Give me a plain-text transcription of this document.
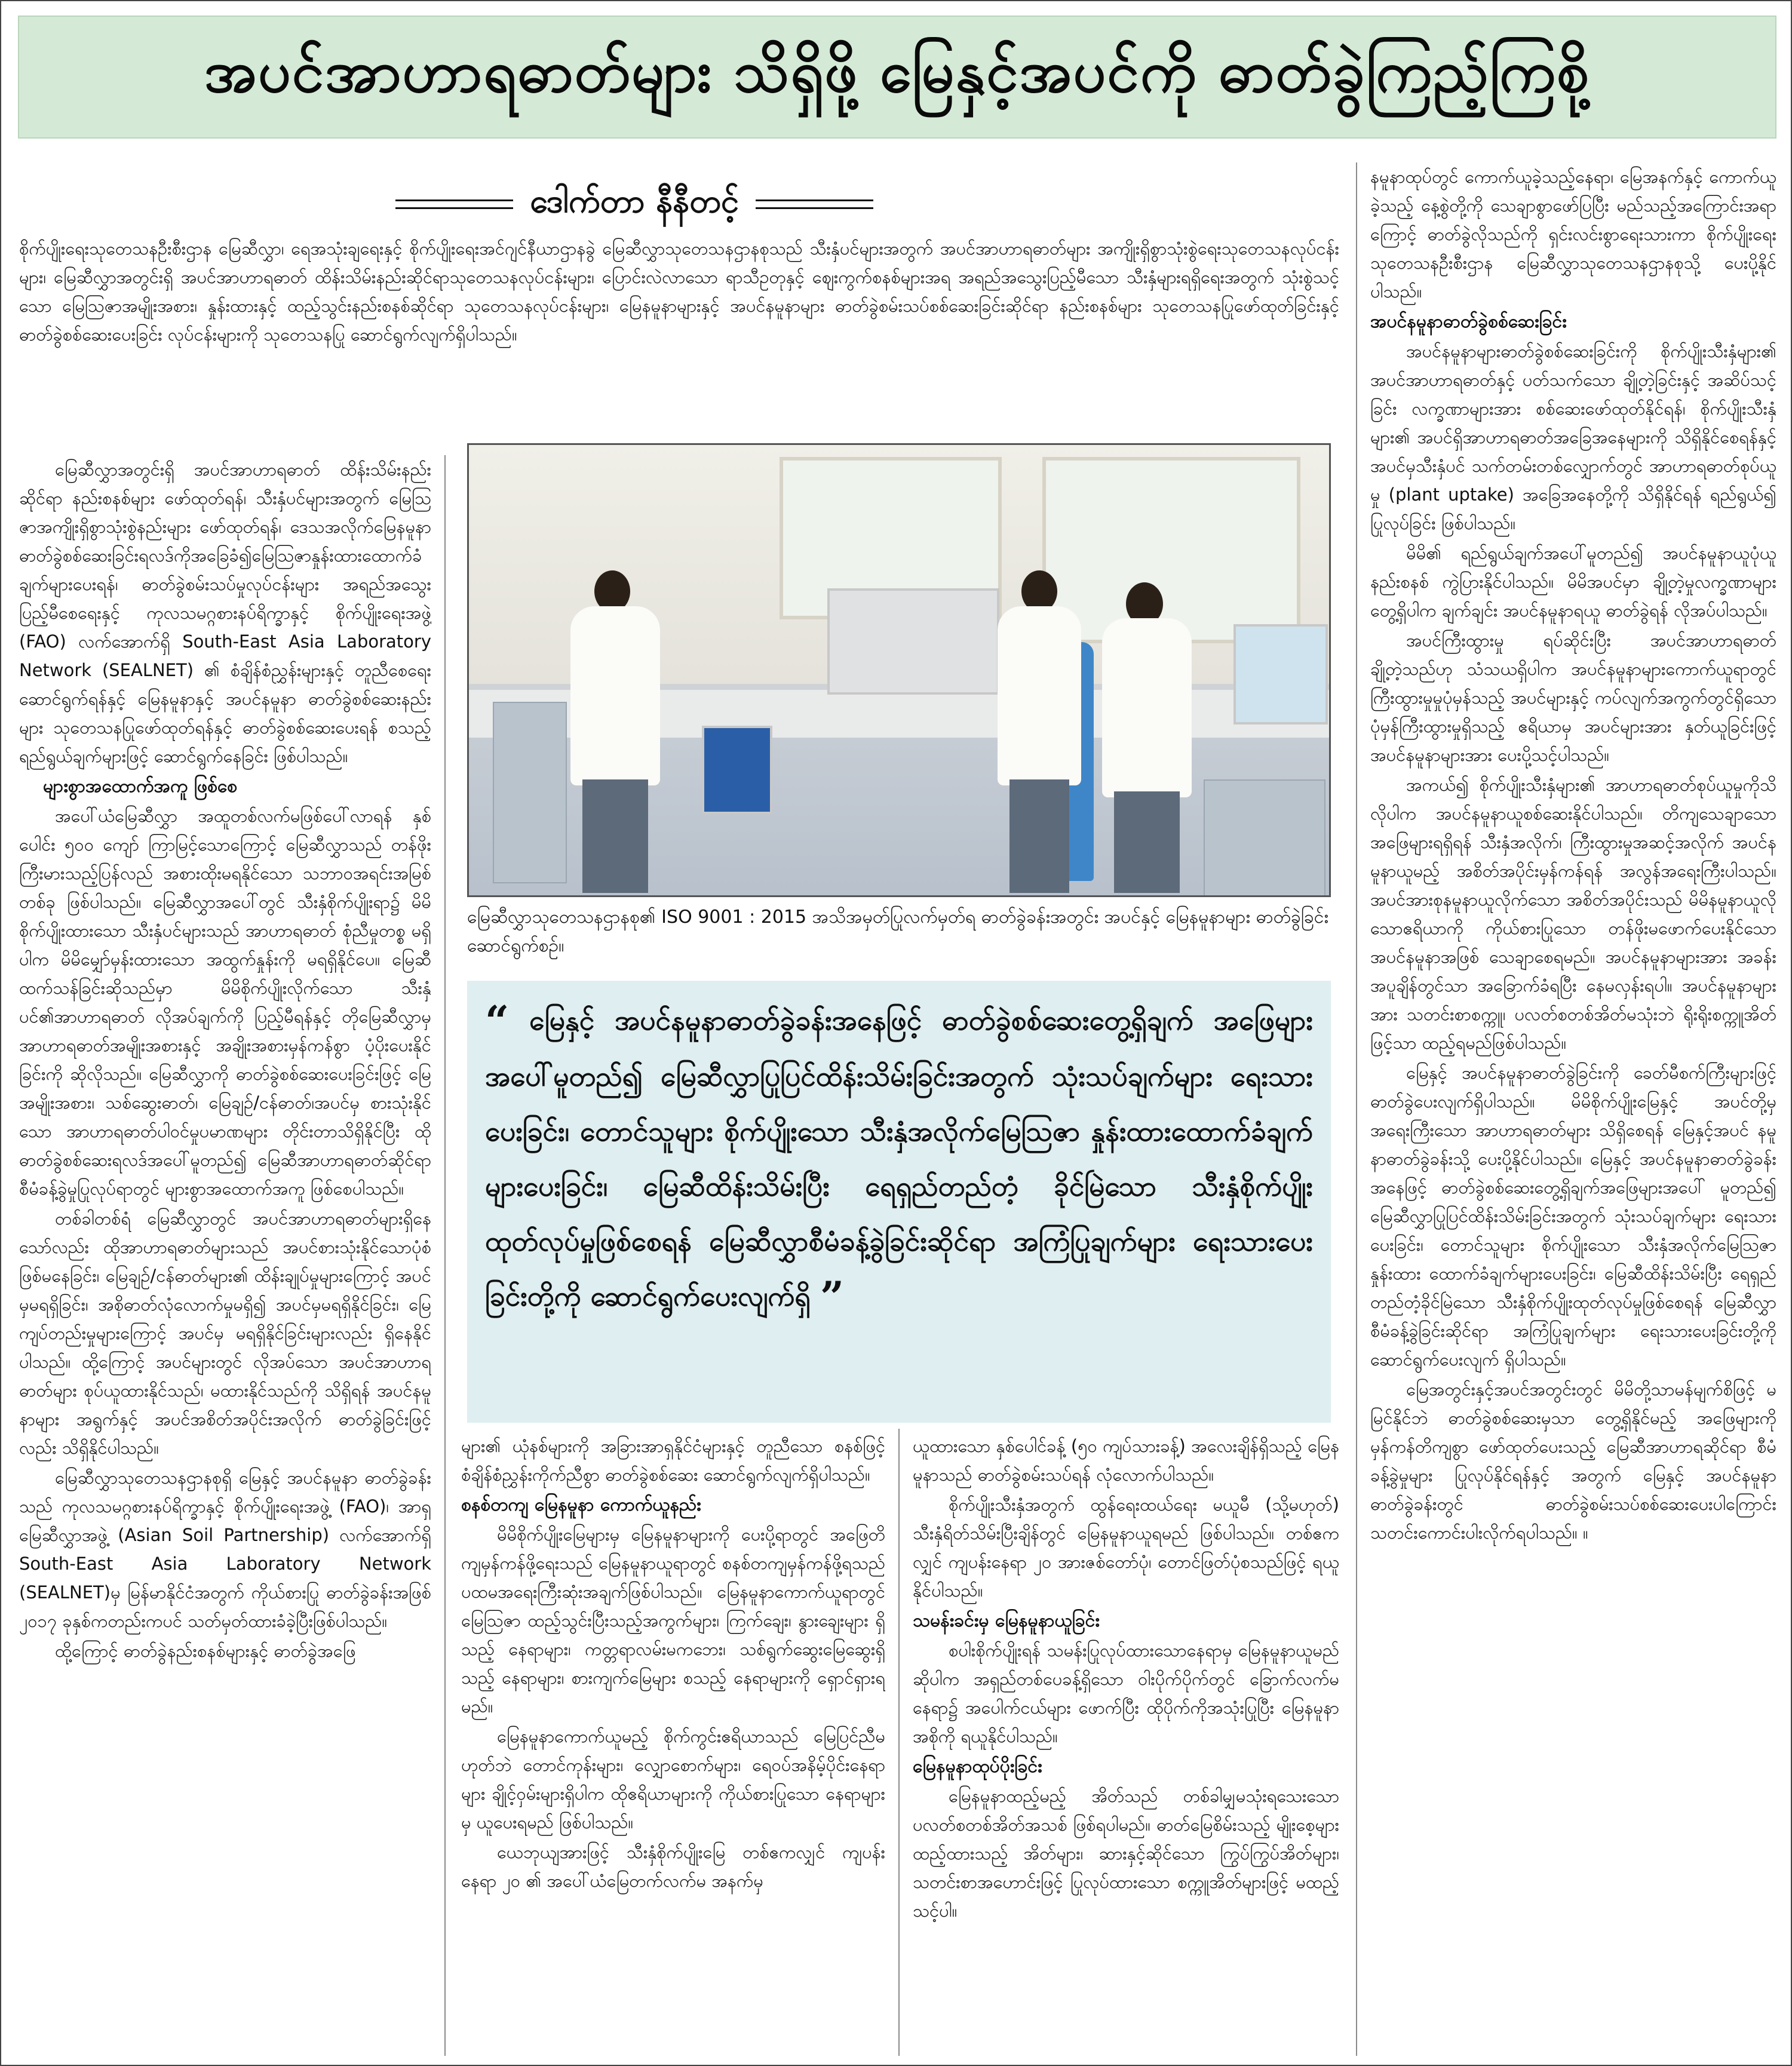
အပင်အာဟာရဓာတ်များ သိရှိဖို့ မြေနှင့်အပင်ကို ဓာတ်ခွဲကြည့်ကြစို့
ဒေါက်တာ နီနီတင့်

စိုက်ပျိုးရေးသုတေသနဦးစီးဌာန မြေဆီလွှာ၊ ရေအသုံးချရေးနှင့် စိုက်ပျိုးရေးအင်ဂျင်နီယာဌာနခွဲ မြေဆီလွှာသုတေသနဌာနစုသည် သီးနှံပင်များအတွက် အပင်အာဟာရဓာတ်များ အကျိုးရှိစွာသုံးစွဲရေးသုတေသနလုပ်ငန်းများ၊ မြေဆီလွှာအတွင်းရှိ အပင်အာဟာရဓာတ် ထိန်းသိမ်းနည်းဆိုင်ရာသုတေသနလုပ်ငန်းများ၊ ပြောင်းလဲလာသော ရာသီဥတုနှင့် ဈေးကွက်စနစ်များအရ အရည်အသွေးပြည့်မီသော သီးနှံများရရှိရေးအတွက် သုံးစွဲသင့်သော မြေသြဇာအမျိုးအစား၊ နှုန်းထားနှင့် ထည့်သွင်းနည်းစနစ်ဆိုင်ရာ သုတေသနလုပ်ငန်းများ၊ မြေနမူနာများနှင့် အပင်နမူနာများ ဓာတ်ခွဲစမ်းသပ်စစ်ဆေးခြင်းဆိုင်ရာ နည်းစနစ်များ သုတေသနပြုဖော်ထုတ်ခြင်းနှင့် ဓာတ်ခွဲစစ်ဆေးပေးခြင်း လုပ်ငန်းများကို သုတေသနပြု ဆောင်ရွက်လျက်ရှိပါသည်။

မြေဆီလွှာအတွင်းရှိ အပင်အာဟာရဓာတ် ထိန်းသိမ်းနည်းဆိုင်ရာ နည်းစနစ်များ ဖော်ထုတ်ရန်၊ သီးနှံပင်များအတွက် မြေသြဇာအကျိုးရှိစွာသုံးစွဲနည်းများ ဖော်ထုတ်ရန်၊ ဒေသအလိုက်မြေနမူနာဓာတ်ခွဲစစ်ဆေးခြင်းရလဒ်ကိုအခြေခံ၍မြေသြဇာနှုန်းထားထောက်ခံချက်များပေးရန်၊ ဓာတ်ခွဲစမ်းသပ်မှုလုပ်ငန်းများ အရည်အသွေးပြည့်မီစေရေးနှင့် ကုလသမဂ္ဂစားနပ်ရိက္ခာနှင့် စိုက်ပျိုးရေးအဖွဲ့ (FAO) လက်အောက်ရှိ South-East Asia Laboratory Network (SEALNET) ၏ စံချိန်စံညွှန်းများနှင့် တူညီစေရေး ဆောင်ရွက်ရန်နှင့် မြေနမူနာနှင့် အပင်နမူနာ ဓာတ်ခွဲစစ်ဆေးနည်းများ သုတေသနပြုဖော်ထုတ်ရန်နှင့် ဓာတ်ခွဲစစ်ဆေးပေးရန် စသည့်ရည်ရွယ်ချက်များဖြင့် ဆောင်ရွက်နေခြင်း ဖြစ်ပါသည်။

များစွာအထောက်အကူ ဖြစ်စေ

အပေါ်ယံမြေဆီလွှာ အထူတစ်လက်မဖြစ်ပေါ်လာရန် နှစ်ပေါင်း ၅၀၀ ကျော် ကြာမြင့်သောကြောင့် မြေဆီလွှာသည် တန်ဖိုးကြီးမားသည့်ပြန်လည် အစားထိုးမရနိုင်သော သဘာဝအရင်းအမြစ်တစ်ခု ဖြစ်ပါသည်။ မြေဆီလွှာအပေါ်တွင် သီးနှံစိုက်ပျိုးရာ၌ မိမိစိုက်ပျိုးထားသော သီးနှံပင်များသည် အာဟာရဓာတ် စုံညီမှုတစ္စ မရှိပါက မိမိမျှော်မှန်းထားသော အထွက်နှုန်းကို မရရှိနိုင်ပေ။ မြေဆီထက်သန်ခြင်းဆိုသည်မှာ မိမိစိုက်ပျိုးလိုက်သော သီးနှံပင်၏အာဟာရဓာတ် လိုအပ်ချက်ကို ပြည့်မီရန်နှင့် တိုမြေဆီလွှာမှ အာဟာရဓာတ်အမျိုးအစားနှင့် အချိုးအစားမှန်ကန်စွာ ပံ့ပိုးပေးနိုင်ခြင်းကို ဆိုလိုသည်။ မြေဆီလွှာကို ဓာတ်ခွဲစစ်ဆေးပေးခြင်းဖြင့် မြေအမျိုးအစား၊ သစ်ဆွေးဓာတ်၊ မြေချဉ်/ငန်ဓာတ်၊အပင်မှ စားသုံးနိုင်သော အာဟာရဓာတ်ပါဝင်မှုပမာဏများ တိုင်းတာသိရှိနိုင်ပြီး ထိုဓာတ်ခွဲစစ်ဆေးရလဒ်အပေါ်မူတည်၍ မြေဆီအာဟာရဓာတ်ဆိုင်ရာ စီမံခန့်ခွဲမှုပြုလုပ်ရာတွင် များစွာအထောက်အကူ ဖြစ်စေပါသည်။

တစ်ခါတစ်ရံ မြေဆီလွှာတွင် အပင်အာဟာရဓာတ်များရှိနေသော်လည်း ထိုအာဟာရဓာတ်များသည် အပင်စားသုံးနိုင်သောပုံစံ ဖြစ်မနေခြင်း၊ မြေချဉ်/ငန်ဓာတ်များ၏ ထိန်းချုပ်မှုများကြောင့် အပင်မှမရရှိခြင်း၊ အစိုဓာတ်လုံလောက်မှုမရှိ၍ အပင်မှမရရှိနိုင်ခြင်း၊ မြေကျပ်တည်းမှုများကြောင့် အပင်မှ မရရှိနိုင်ခြင်းများလည်း ရှိနေနိုင်ပါသည်။ ထို့ကြောင့် အပင်များတွင် လိုအပ်သော အပင်အာဟာရဓာတ်များ စုပ်ယူထားနိုင်သည်၊ မထားနိုင်သည်ကို သိရှိရန် အပင်နမူနာများ အရွက်နှင့် အပင်အစိတ်အပိုင်းအလိုက် ဓာတ်ခွဲခြင်းဖြင့်လည်း သိရှိနိုင်ပါသည်။

မြေဆီလွှာသုတေသနဌာနစုရှိ မြေနှင့် အပင်နမူနာ ဓာတ်ခွဲခန်းသည် ကုလသမဂ္ဂစားနပ်ရိက္ခာနှင့် စိုက်ပျိုးရေးအဖွဲ့ (FAO)၊ အာရှမြေဆီလွှာအဖွဲ့ (Asian Soil Partnership) လက်အောက်ရှိ South-East Asia Laboratory Network (SEALNET)မှ မြန်မာနိုင်ငံအတွက် ကိုယ်စားပြု ဓာတ်ခွဲခန်းအဖြစ် ၂၀၁၇ ခုနှစ်ကတည်းကပင် သတ်မှတ်ထားခံခဲ့ပြီးဖြစ်ပါသည်။

ထို့ကြောင့် ဓာတ်ခွဲနည်းစနစ်များနှင့် ဓာတ်ခွဲအဖြေ

မြေဆီလွှာသုတေသနဌာနစု၏ ISO 9001 : 2015 အသိအမှတ်ပြုလက်မှတ်ရ ဓာတ်ခွဲခန်းအတွင်း အပင်နှင့် မြေနမူနာများ ဓာတ်ခွဲခြင်း ဆောင်ရွက်စဉ်။
“ မြေနှင့် အပင်နမူနာဓာတ်ခွဲခန်းအနေဖြင့် ဓာတ်ခွဲစစ်ဆေးတွေ့ရှိချက် အဖြေများအပေါ်မူတည်၍ မြေဆီလွှာပြုပြင်ထိန်းသိမ်းခြင်းအတွက် သုံးသပ်ချက်များ ရေးသားပေးခြင်း၊ တောင်သူများ စိုက်ပျိုးသော သီးနှံအလိုက်မြေသြဇာ နှုန်းထားထောက်ခံချက်များပေးခြင်း၊ မြေဆီထိန်းသိမ်းပြီး ရေရှည်တည်တံ့ ခိုင်မြဲသော သီးနှံစိုက်ပျိုးထုတ်လုပ်မှုဖြစ်စေရန် မြေဆီလွှာစီမံခန့်ခွဲခြင်းဆိုင်ရာ အကြံပြုချက်များ ရေးသားပေးခြင်းတို့ကို ဆောင်ရွက်ပေးလျက်ရှိ ”

များ၏ ယုံနစ်များကို အခြားအာရှနိုင်ငံများနှင့် တူညီသော စနစ်ဖြင့် စံချိန်စံညွှန်းကိုက်ညီစွာ ဓာတ်ခွဲစစ်ဆေး ဆောင်ရွက်လျက်ရှိပါသည်။

စနစ်တကျ မြေနမူနာ ကောက်ယူနည်း

မိမိစိုက်ပျိုးမြေများမှ မြေနမူနာများကို ပေးပို့ရာတွင် အဖြေတိကျမှန်ကန်ဖို့ရေးသည် မြေနမူနာယူရာတွင် စနစ်တကျမှန်ကန်ဖို့ရသည် ပထမအရေးကြီးဆုံးအချက်ဖြစ်ပါသည်။ မြေနမူနာကောက်ယူရာတွင် မြေသြဇာ ထည့်သွင်းပြီးသည့်အကွက်များ၊ ကြက်ချေး၊ နွားချေးများ ရှိသည့် နေရာများ၊ ကတ္တရာလမ်းမကဘေး၊ သစ်ရွက်ဆွေးမြေဆွေးရှိသည့် နေရာများ၊ စားကျက်မြေများ စသည့် နေရာများကို ရှောင်ရှားရမည်။

မြေနမူနာကောက်ယူမည့် စိုက်ကွင်းဧရိယာသည် မြေပြင်ညီမဟုတ်ဘဲ တောင်ကုန်းများ၊ လျှောစောက်များ၊ ရေဝပ်အနိမ့်ပိုင်းနေရာများ ချိုင့်ဝှမ်းများရှိပါက ထိုဧရိယာများကို ကိုယ်စားပြုသော နေရာများမှ ယူပေးရမည် ဖြစ်ပါသည်။

ယေဘုယျအားဖြင့် သီးနှံစိုက်ပျိုးမြေ တစ်ဧကလျှင် ကျပန်းနေရာ ၂၀ ၏ အပေါ်ယံမြေတက်လက်မ အနက်မှ

ယူထားသော နှစ်ပေါင်ခန့် (၅၀ ကျပ်သားခန့်) အလေးချိန်ရှိသည့် မြေနမူနာသည် ဓာတ်ခွဲစမ်းသပ်ရန် လုံလောက်ပါသည်။

စိုက်ပျိုးသီးနှံအတွက် ထွန်ရေးထယ်ရေး မယူမီ (သို့မဟုတ်) သီးနှံရိတ်သိမ်းပြီးချိန်တွင် မြေနမူနာယူရမည် ဖြစ်ပါသည်။ တစ်ဧကလျှင် ကျပန်းနေရာ ၂၀ အားဇစ်တော်ပုံ၊ တောင်ဖြတ်ပုံစသည်ဖြင့် ရယူနိုင်ပါသည်။

သမန်းခင်းမှ မြေနမူနာယူခြင်း

စပါးစိုက်ပျိုးရန် သမန်းပြုလုပ်ထားသောနေရာမှ မြေနမူနာယူမည်ဆိုပါက အရှည်တစ်ပေခန့်ရှိသော ဝါးပိုက်ပိုက်တွင် ခြောက်လက်မနေရာ၌ အပေါက်ငယ်များ ဖောက်ပြီး ထိုပိုက်ကိုအသုံးပြုပြီး မြေနမူနာအစိုကို ရယူနိုင်ပါသည်။

မြေနမူနာထုပ်ပိုးခြင်း

မြေနမူနာထည့်မည့် အိတ်သည် တစ်ခါမျှမသုံးရသေးသော ပလတ်စတစ်အိတ်အသစ် ဖြစ်ရပါမည်။ ဓာတ်မြေစိမ်းသည့် မျိုးစေ့များထည့်ထားသည့် အိတ်များ၊ ဆားနှင့်ဆိုင်သော ကြွပ်ကြွပ်အိတ်များ၊ သတင်းစာအဟောင်းဖြင့် ပြုလုပ်ထားသော စက္ကူအိတ်များဖြင့် မထည့်သင့်ပါ။

နမူနာထုပ်တွင် ကောက်ယူခဲ့သည့်နေရာ၊ မြေအနက်နှင့် ကောက်ယူခဲ့သည့် နေ့စွဲတို့ကို သေချာစွာဖော်ပြပြီး မည်သည့်အကြောင်းအရာကြောင့် ဓာတ်ခွဲလိုသည်ကို ရှင်းလင်းစွာရေးသားကာ စိုက်ပျိုးရေးသုတေသနဦးစီးဌာန မြေဆီလွှာသုတေသနဌာနစုသို့ ပေးပို့နိုင်ပါသည်။

အပင်နမူနာဓာတ်ခွဲစစ်ဆေးခြင်း

အပင်နမူနာများဓာတ်ခွဲစစ်ဆေးခြင်းကို စိုက်ပျိုးသီးနှံများ၏ အပင်အာဟာရဓာတ်နှင့် ပတ်သက်သော ချို့တဲ့ခြင်းနှင့် အဆိပ်သင့်ခြင်း လက္ခဏာများအား စစ်ဆေးဖော်ထုတ်နိုင်ရန်၊ စိုက်ပျိုးသီးနှံများ၏ အပင်ရှိအာဟာရဓာတ်အခြေအနေများကို သိရှိနိုင်စေရန်နှင့်အပင်မှသီးနှံပင် သက်တမ်းတစ်လျှောက်တွင် အာဟာရဓာတ်စုပ်ယူမှု (plant uptake) အခြေအနေတို့ကို သိရှိနိုင်ရန် ရည်ရွယ်၍ ပြုလုပ်ခြင်း ဖြစ်ပါသည်။

မိမိ၏ ရည်ရွယ်ချက်အပေါ်မူတည်၍ အပင်နမူနာယူပုံယူနည်းစနစ် ကွဲပြားနိုင်ပါသည်။ မိမိအပင်မှာ ချို့တဲ့မှုလက္ခဏာများ တွေ့ရှိပါက ချက်ချင်း အပင်နမူနာရယူ ဓာတ်ခွဲရန် လိုအပ်ပါသည်။

အပင်ကြီးထွားမှု ရပ်ဆိုင်းပြီး အပင်အာဟာရဓာတ် ချို့တဲ့သည်ဟု သံသယရှိပါက အပင်နမူနာများကောက်ယူရာတွင်ကြီးထွားမှုမှုပုံမှန်သည့် အပင်များနှင့် ကပ်လျက်အကွက်တွင်ရှိသော ပုံမှန်ကြီးထွားမှုရှိသည့် ဧရိယာမှ အပင်များအား နှတ်ယူခြင်းဖြင့် အပင်နမူနာများအား ပေးပို့သင့်ပါသည်။

အကယ်၍ စိုက်ပျိုးသီးနှံများ၏ အာဟာရဓာတ်စုပ်ယူမှုကိုသိလိုပါက အပင်နမူနာယူစစ်ဆေးနိုင်ပါသည်။ တိကျသေချာသော အဖြေများရရှိရန် သီးနှံအလိုက်၊ ကြီးထွားမှုအဆင့်အလိုက် အပင်နမူနာယူမည့် အစိတ်အပိုင်းမှန်ကန်ရန် အလွန်အရေးကြီးပါသည်။ အပင်အားစုနမူနာယူလိုက်သော အစိတ်အပိုင်းသည် မိမိနမူနာယူလိုသောဧရိယာကို ကိုယ်စားပြုသော တန်ဖိုးမဖောက်ပေးနိုင်သော အပင်နမူနာအဖြစ် သေချာစေရမည်။ အပင်နမူနာများအား အခန်းအပူချိန်တွင်သာ အခြောက်ခံရပြီး နေမလှန်းရပါ။ အပင်နမူနာများအား သတင်းစာစက္ကူ၊ ပလတ်စတစ်အိတ်မသုံးဘဲ ရိုးရိုးစက္ကူအိတ်ဖြင့်သာ ထည့်ရမည်ဖြစ်ပါသည်။

မြေနှင့် အပင်နမူနာဓာတ်ခွဲခြင်းကို ခေတ်မီစက်ကြီးများဖြင့် ဓာတ်ခွဲပေးလျက်ရှိပါသည်။ မိမိစိုက်ပျိုးမြေနှင့် အပင်တို့မှ အရေးကြီးသော အာဟာရဓာတ်များ သိရှိစေရန် မြေနှင့်အပင် နမူနာဓာတ်ခွဲခန်းသို့ ပေးပို့နိုင်ပါသည်။ မြေနှင့် အပင်နမူနာဓာတ်ခွဲခန်းအနေဖြင့် ဓာတ်ခွဲစစ်ဆေးတွေ့ရှိချက်အဖြေများအပေါ် မူတည်၍ မြေဆီလွှာပြုပြင်ထိန်းသိမ်းခြင်းအတွက် သုံးသပ်ချက်များ ရေးသားပေးခြင်း၊ တောင်သူများ စိုက်ပျိုးသော သီးနှံအလိုက်မြေသြဇာနှုန်းထား ထောက်ခံချက်များပေးခြင်း၊ မြေဆီထိန်းသိမ်းပြီး ရေရှည်တည်တံ့ခိုင်မြဲသော သီးနှံစိုက်ပျိုးထုတ်လုပ်မှုဖြစ်စေရန် မြေဆီလွှာစီမံခန့်ခွဲခြင်းဆိုင်ရာ အကြံပြုချက်များ ရေးသားပေးခြင်းတို့ကို ဆောင်ရွက်ပေးလျက် ရှိပါသည်။

မြေအတွင်းနှင့်အပင်အတွင်းတွင် မိမိတို့သာမန်မျက်စိဖြင့် မမြင်နိုင်ဘဲ ဓာတ်ခွဲစစ်ဆေးမှသာ တွေ့ရှိနိုင်မည့် အဖြေများကို မှန်ကန်တိကျစွာ ဖော်ထုတ်ပေးသည့် မြေဆီအာဟာရဆိုင်ရာ စီမံခန့်ခွဲမှုများ ပြုလုပ်နိုင်ရန်နှင့် အတွက် မြေနှင့် အပင်နမူနာဓာတ်ခွဲခန်းတွင် ဓာတ်ခွဲစမ်းသပ်စစ်ဆေးပေးပါကြောင်း သတင်းကောင်းပါးလိုက်ရပါသည်။ ။
